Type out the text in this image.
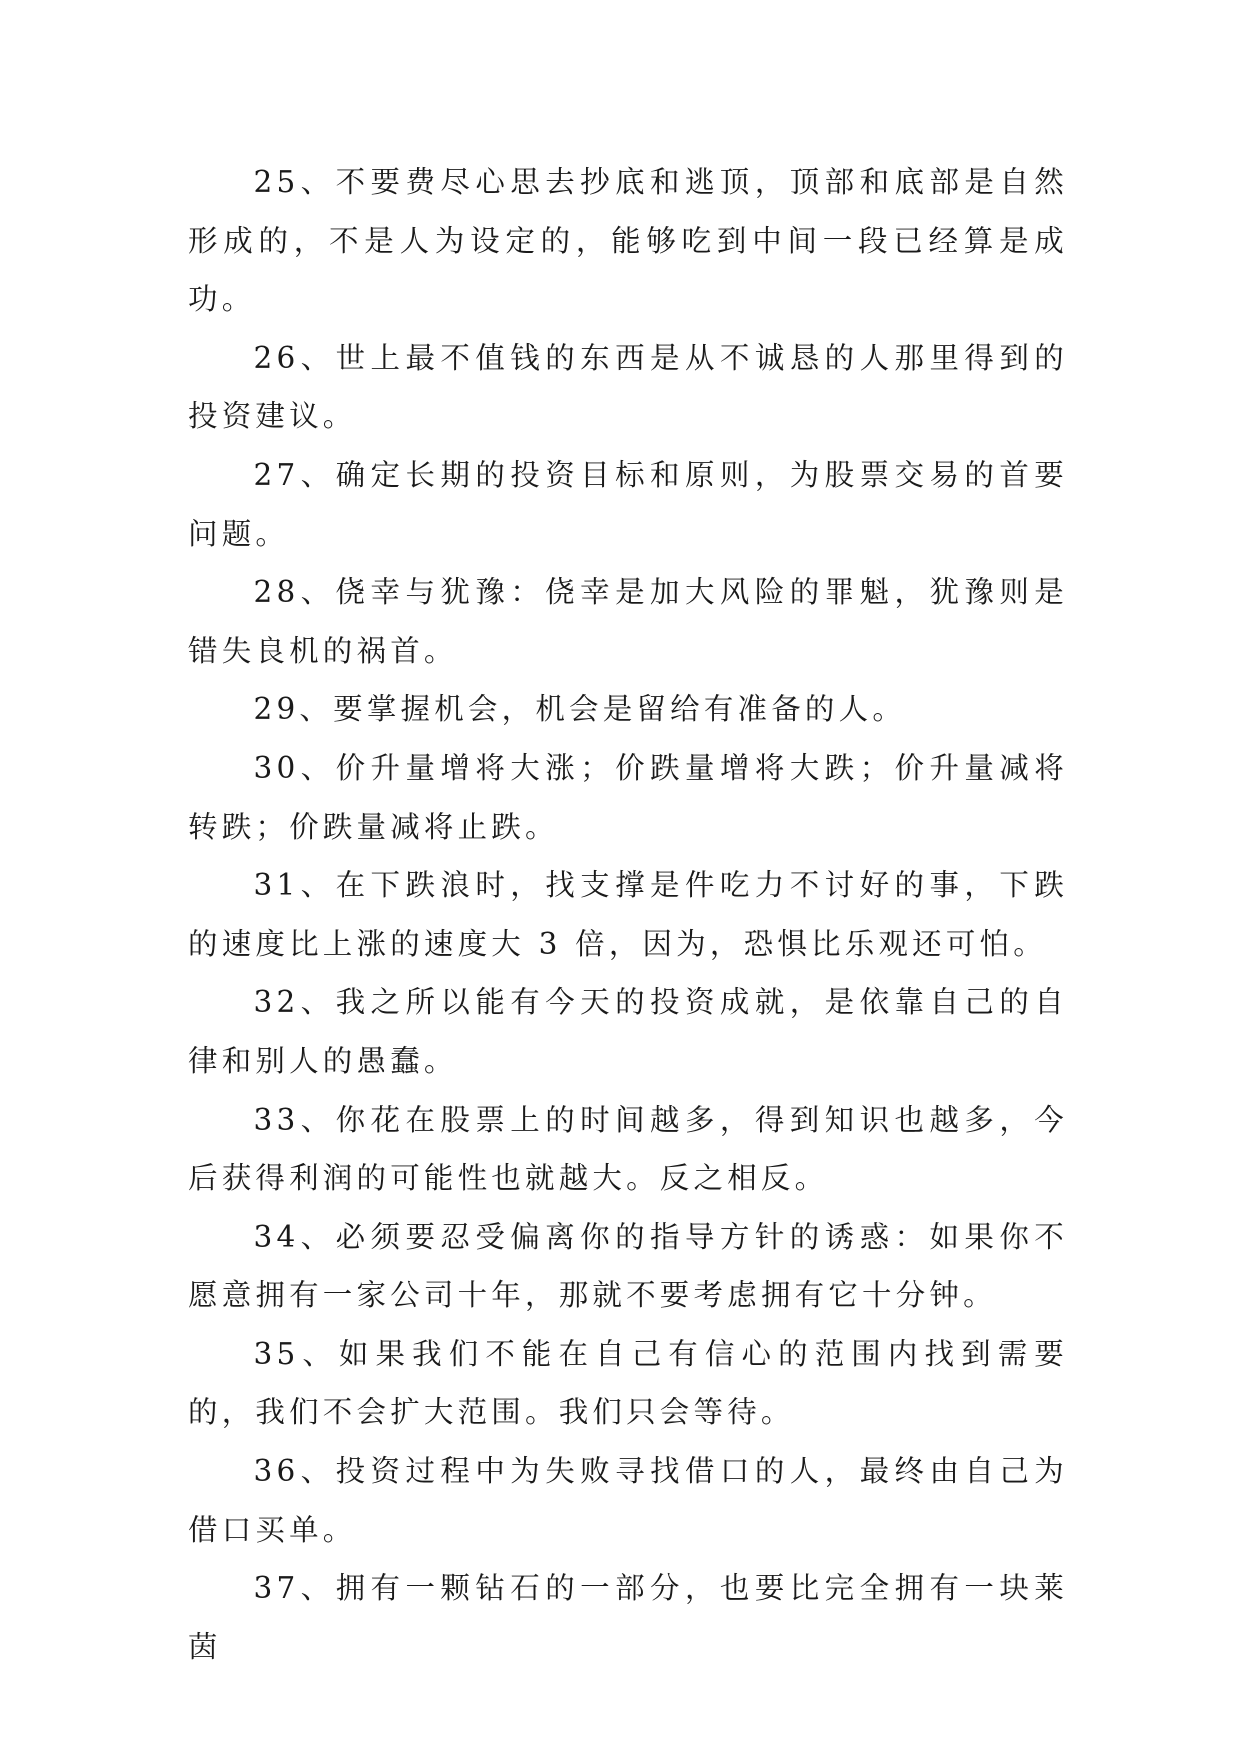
25、不要费尽心思去抄底和逃顶，顶部和底部是自然形成的，不是人为设定的，能够吃到中间一段已经算是成功。

26、世上最不值钱的东西是从不诚恳的人那里得到的投资建议。

27、确定长期的投资目标和原则，为股票交易的首要问题。

28、侥幸与犹豫：侥幸是加大风险的罪魁，犹豫则是错失良机的祸首。

29、要掌握机会，机会是留给有准备的人。

30、价升量增将大涨；价跌量增将大跌；价升量减将转跌；价跌量减将止跌。

31、在下跌浪时，找支撑是件吃力不讨好的事，下跌的速度比上涨的速度大 3 倍，因为，恐惧比乐观还可怕。

32、我之所以能有今天的投资成就，是依靠自己的自律和别人的愚蠢。

33、你花在股票上的时间越多，得到知识也越多，今后获得利润的可能性也就越大。反之相反。

34、必须要忍受偏离你的指导方针的诱惑：如果你不愿意拥有一家公司十年，那就不要考虑拥有它十分钟。

35、如果我们不能在自己有信心的范围内找到需要的，我们不会扩大范围。我们只会等待。

36、投资过程中为失败寻找借口的人，最终由自己为借口买单。

37、拥有一颗钻石的一部分，也要比完全拥有一块莱茵
